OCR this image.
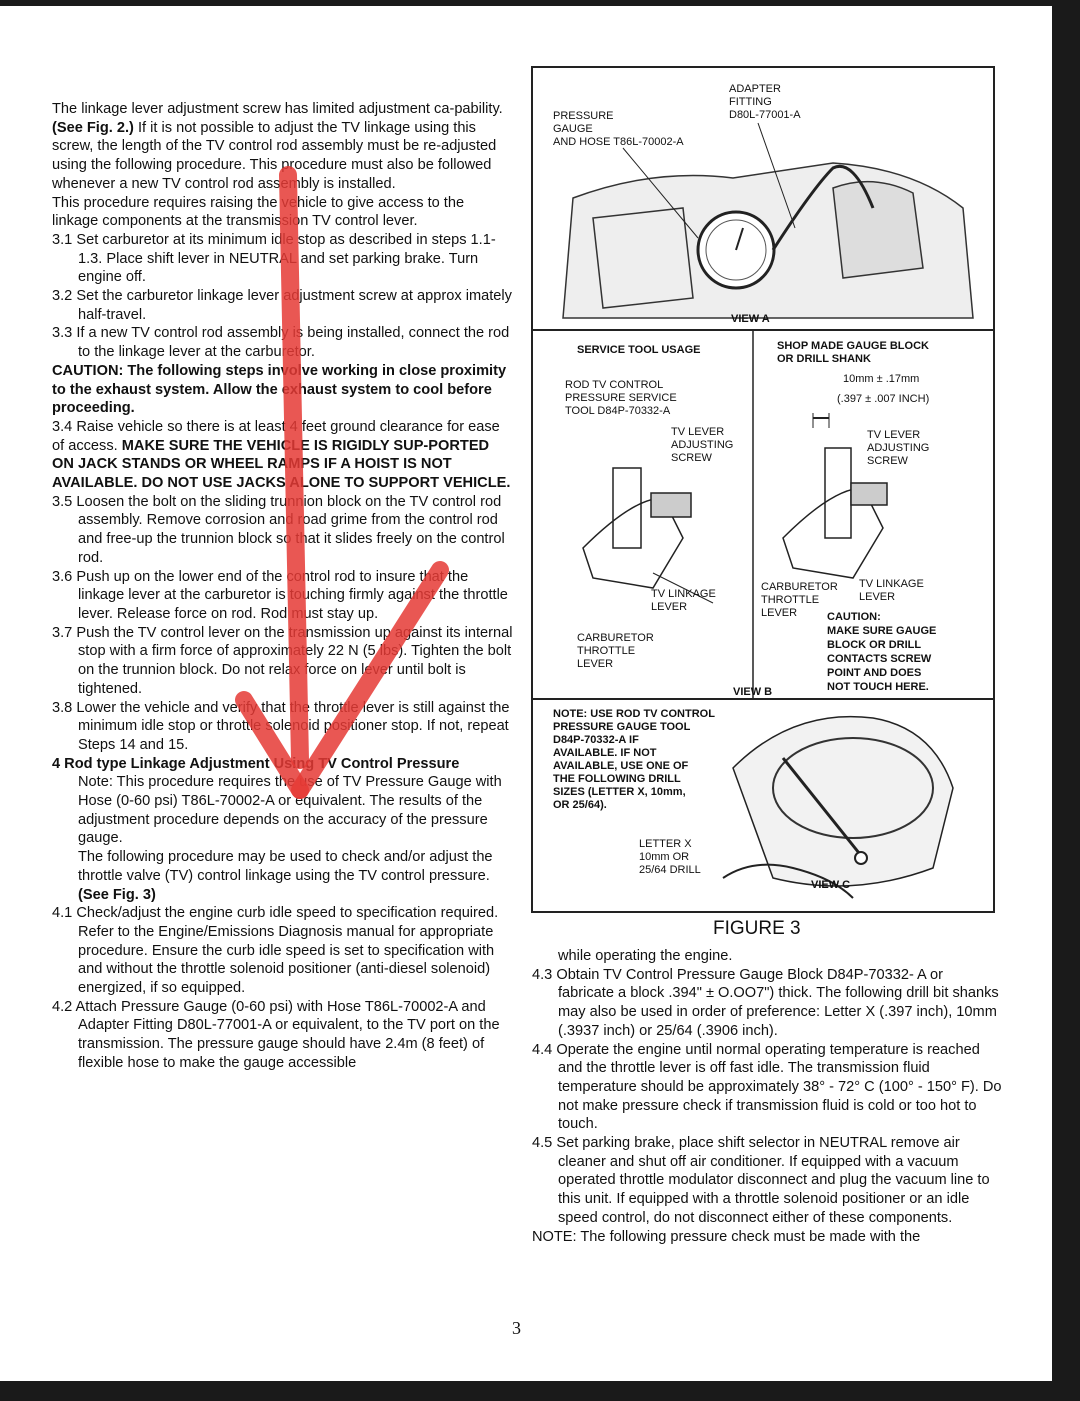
The linkage lever adjustment screw has limited adjustment ca-pability. (See Fig. 2.) If it is not possible to adjust the TV linkage using this screw, the length of the TV control rod assembly must be re-adjusted using the following procedure. This procedure must also be followed whenever a new TV control rod assembly is installed.

This procedure requires raising the vehicle to give access to the linkage components at the transmission TV control lever.

3.1 Set carburetor at its minimum idle stop as described in steps 1.1-1.3. Place shift lever in NEUTRAL and set parking brake. Turn engine off.

3.2 Set the carburetor linkage lever adjustment screw at approx imately half-travel.

3.3 If a new TV control rod assembly is being installed, connect the rod to the linkage lever at the carburetor.

CAUTION: The following steps involve working in close proximity to the exhaust system. Allow the exhaust system to cool before proceeding.

3.4 Raise vehicle so there is at least 4 feet ground clearance for ease of access. MAKE SURE THE VEHICLE IS RIGIDLY SUP-PORTED ON JACK STANDS OR WHEEL RAMPS IF A HOIST IS NOT AVAILABLE. DO NOT USE JACKS ALONE TO SUPPORT VEHICLE.

3.5 Loosen the bolt on the sliding trunnion block on the TV control rod assembly. Remove corrosion and road grime from the control rod and free-up the trunnion block so that it slides freely on the control rod.

3.6 Push up on the lower end of the control rod to insure that the linkage lever at the carburetor is touching firmly against the throttle lever. Release force on rod. Rod must stay up.

3.7 Push the TV control lever on the transmission up against its internal stop with a firm force of approximately 22 N (5 lbs). Tighten the bolt on the trunnion block. Do not relax force on lever until bolt is tightened.

3.8 Lower the vehicle and verify that the throttle lever is still against the minimum idle stop or throttle solenoid positioner stop. If not, repeat Steps 14 and 15.

4 Rod type Linkage Adjustment Using TV Control Pressure

Note: This procedure requires the use of TV Pressure Gauge with Hose (0-60 psi) T86L-70002-A or equivalent. The results of the adjustment procedure depends on the accuracy of the pressure gauge.

The following procedure may be used to check and/or adjust the throttle valve (TV) control linkage using the TV control pressure. (See Fig. 3)

4.1 Check/adjust the engine curb idle speed to specification required. Refer to the Engine/Emissions Diagnosis manual for appropriate procedure. Ensure the curb idle speed is set to specification with and without the throttle solenoid positioner (anti-diesel solenoid) energized, if so equipped.

4.2 Attach Pressure Gauge (0-60 psi) with Hose T86L-70002-A and Adapter Fitting D80L-77001-A or equivalent, to the TV port on the transmission. The pressure gauge should have 2.4m (8 feet) of flexible hose to make the gauge accessible

ADAPTER
FITTING
D80L-77001-A
PRESSURE
GAUGE
AND HOSE T86L-70002-A
VIEW A
SERVICE TOOL USAGE	SHOP MADE GAUGE BLOCK
OR DRILL SHANK
10mm ± .17mm
(.397 ± .007 INCH)
ROD TV CONTROL
PRESSURE SERVICE
TOOL D84P-70332-A
TV LEVER
ADJUSTING
SCREW
TV LEVER
ADJUSTING
SCREW
TV LINKAGE
LEVER
CARBURETOR
THROTTLE
LEVER
CARBURETOR
THROTTLE
LEVER
TV LINKAGE
LEVER
CAUTION:
MAKE SURE GAUGE
BLOCK OR DRILL
CONTACTS SCREW
POINT AND DOES
NOT TOUCH HERE.
VIEW B
NOTE: USE ROD TV CONTROL
PRESSURE GAUGE TOOL
D84P-70332-A IF
AVAILABLE. IF NOT
AVAILABLE, USE ONE OF
THE FOLLOWING DRILL
SIZES (LETTER X, 10mm,
OR 25/64).
LETTER X
10mm OR
25/64 DRILL
VIEW C
FIGURE 3

while operating the engine.

4.3 Obtain TV Control Pressure Gauge Block D84P-70332- A or fabricate a block .394" ± O.OO7") thick. The following drill bit shanks may also be used in order of preference: Letter X (.397 inch), 10mm (.3937 inch) or 25/64 (.3906 inch).

4.4 Operate the engine until normal operating temperature is reached and the throttle lever is off fast idle. The transmission fluid temperature should be approximately 38° - 72° C (100° - 150° F). Do not make pressure check if transmission fluid is cold or too hot to touch.

4.5 Set parking brake, place shift selector in NEUTRAL remove air cleaner and shut off air conditioner. If equipped with a vacuum operated throttle modulator disconnect and plug the vacuum line to this unit. If equipped with a throttle solenoid positioner or an idle speed control, do not disconnect either of these components.

NOTE: The following pressure check must be made with the

3
